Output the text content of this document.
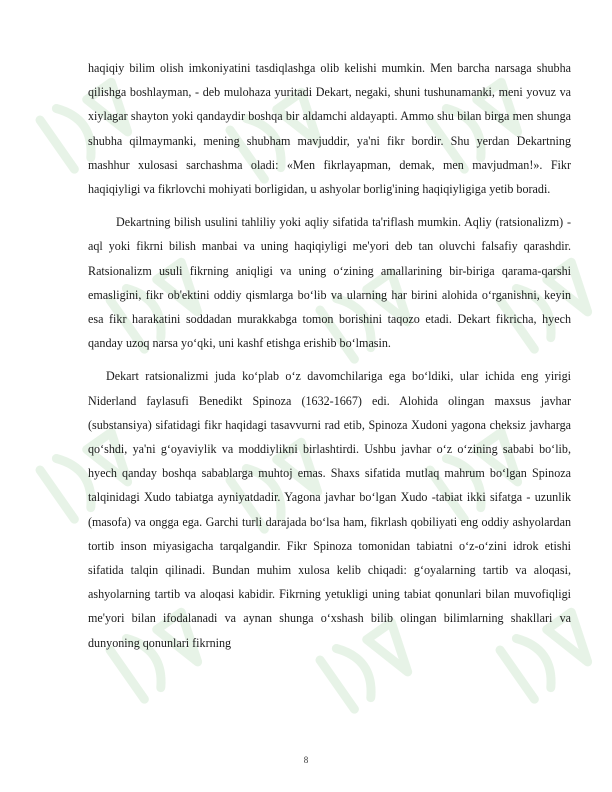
haqiqiy bilim olish imkoniyatini tasdiqlashga olib kelishi mumkin. Men barcha narsaga shubha qilishga boshlayman, - deb mulohaza yuritadi Dekart, negaki, shuni tushunamanki, meni yovuz va xiylagar shayton yoki qandaydir boshqa bir aldamchi aldayapti. Ammo shu bilan birga men shunga shubha qilmaymanki, mening shubham mavjuddir, ya'ni fikr bordir. Shu yerdan Dekartning mashhur xulosasi sarchashma oladi: «Men fikrlayapman, demak, men mavjudman!». Fikr haqiqiyligi va fikrlovchi mohiyati borligidan, u ashyolar borlig'ining haqiqiyligiga yetib boradi.

Dekartning bilish usulini tahliliy yoki aqliy sifatida ta'riflash mumkin. Aqliy (ratsionalizm) - aql yoki fikrni bilish manbai va uning haqiqiyligi me'yori deb tan oluvchi falsafiy qarashdir. Ratsionalizm usuli fikrning aniqligi va uning o‘zining amallarining bir-biriga qarama-qarshi emasligini, fikr ob'ektini oddiy qismlarga bo‘lib va ularning har birini alohida o‘rganishni, keyin esa fikr harakatini soddadan murakkabga tomon borishini taqozo etadi. Dekart fikricha, hyech qanday uzoq narsa yo‘qki, uni kashf etishga erishib bo‘lmasin.

Dekart ratsionalizmi juda ko‘plab o‘z davomchilariga ega bo‘ldiki, ular ichida eng yirigi Niderland faylasufi Benedikt Spinoza (1632-1667) edi. Alohida olingan maxsus javhar (substansiya) sifatidagi fikr haqidagi tasavvurni rad etib, Spinoza Xudoni yagona cheksiz javharga qo‘shdi, ya'ni g‘oyaviylik va moddiylikni birlashtirdi. Ushbu javhar o‘z o‘zining sababi bo‘lib, hyech qanday boshqa sabablarga muhtoj emas. Shaxs sifatida mutlaq mahrum bo‘lgan Spinoza talqinidagi Xudo tabiatga ayniyatdadir. Yagona javhar bo‘lgan Xudo -tabiat ikki sifatga - uzunlik (masofa) va ongga ega. Garchi turli darajada bo‘lsa ham, fikrlash qobiliyati eng oddiy ashyolardan tortib inson miyasigacha tarqalgandir. Fikr Spinoza tomonidan tabiatni o‘z-o‘zini idrok etishi sifatida talqin qilinadi. Bundan muhim xulosa kelib chiqadi: g‘oyalarning tartib va aloqasi, ashyolarning tartib va aloqasi kabidir. Fikrning yetukligi uning tabiat qonunlari bilan muvofiqligi me'yori bilan ifodalanadi va aynan shunga o‘xshash bilib olingan bilimlarning shakllari va dunyoning qonunlari fikrning

8
